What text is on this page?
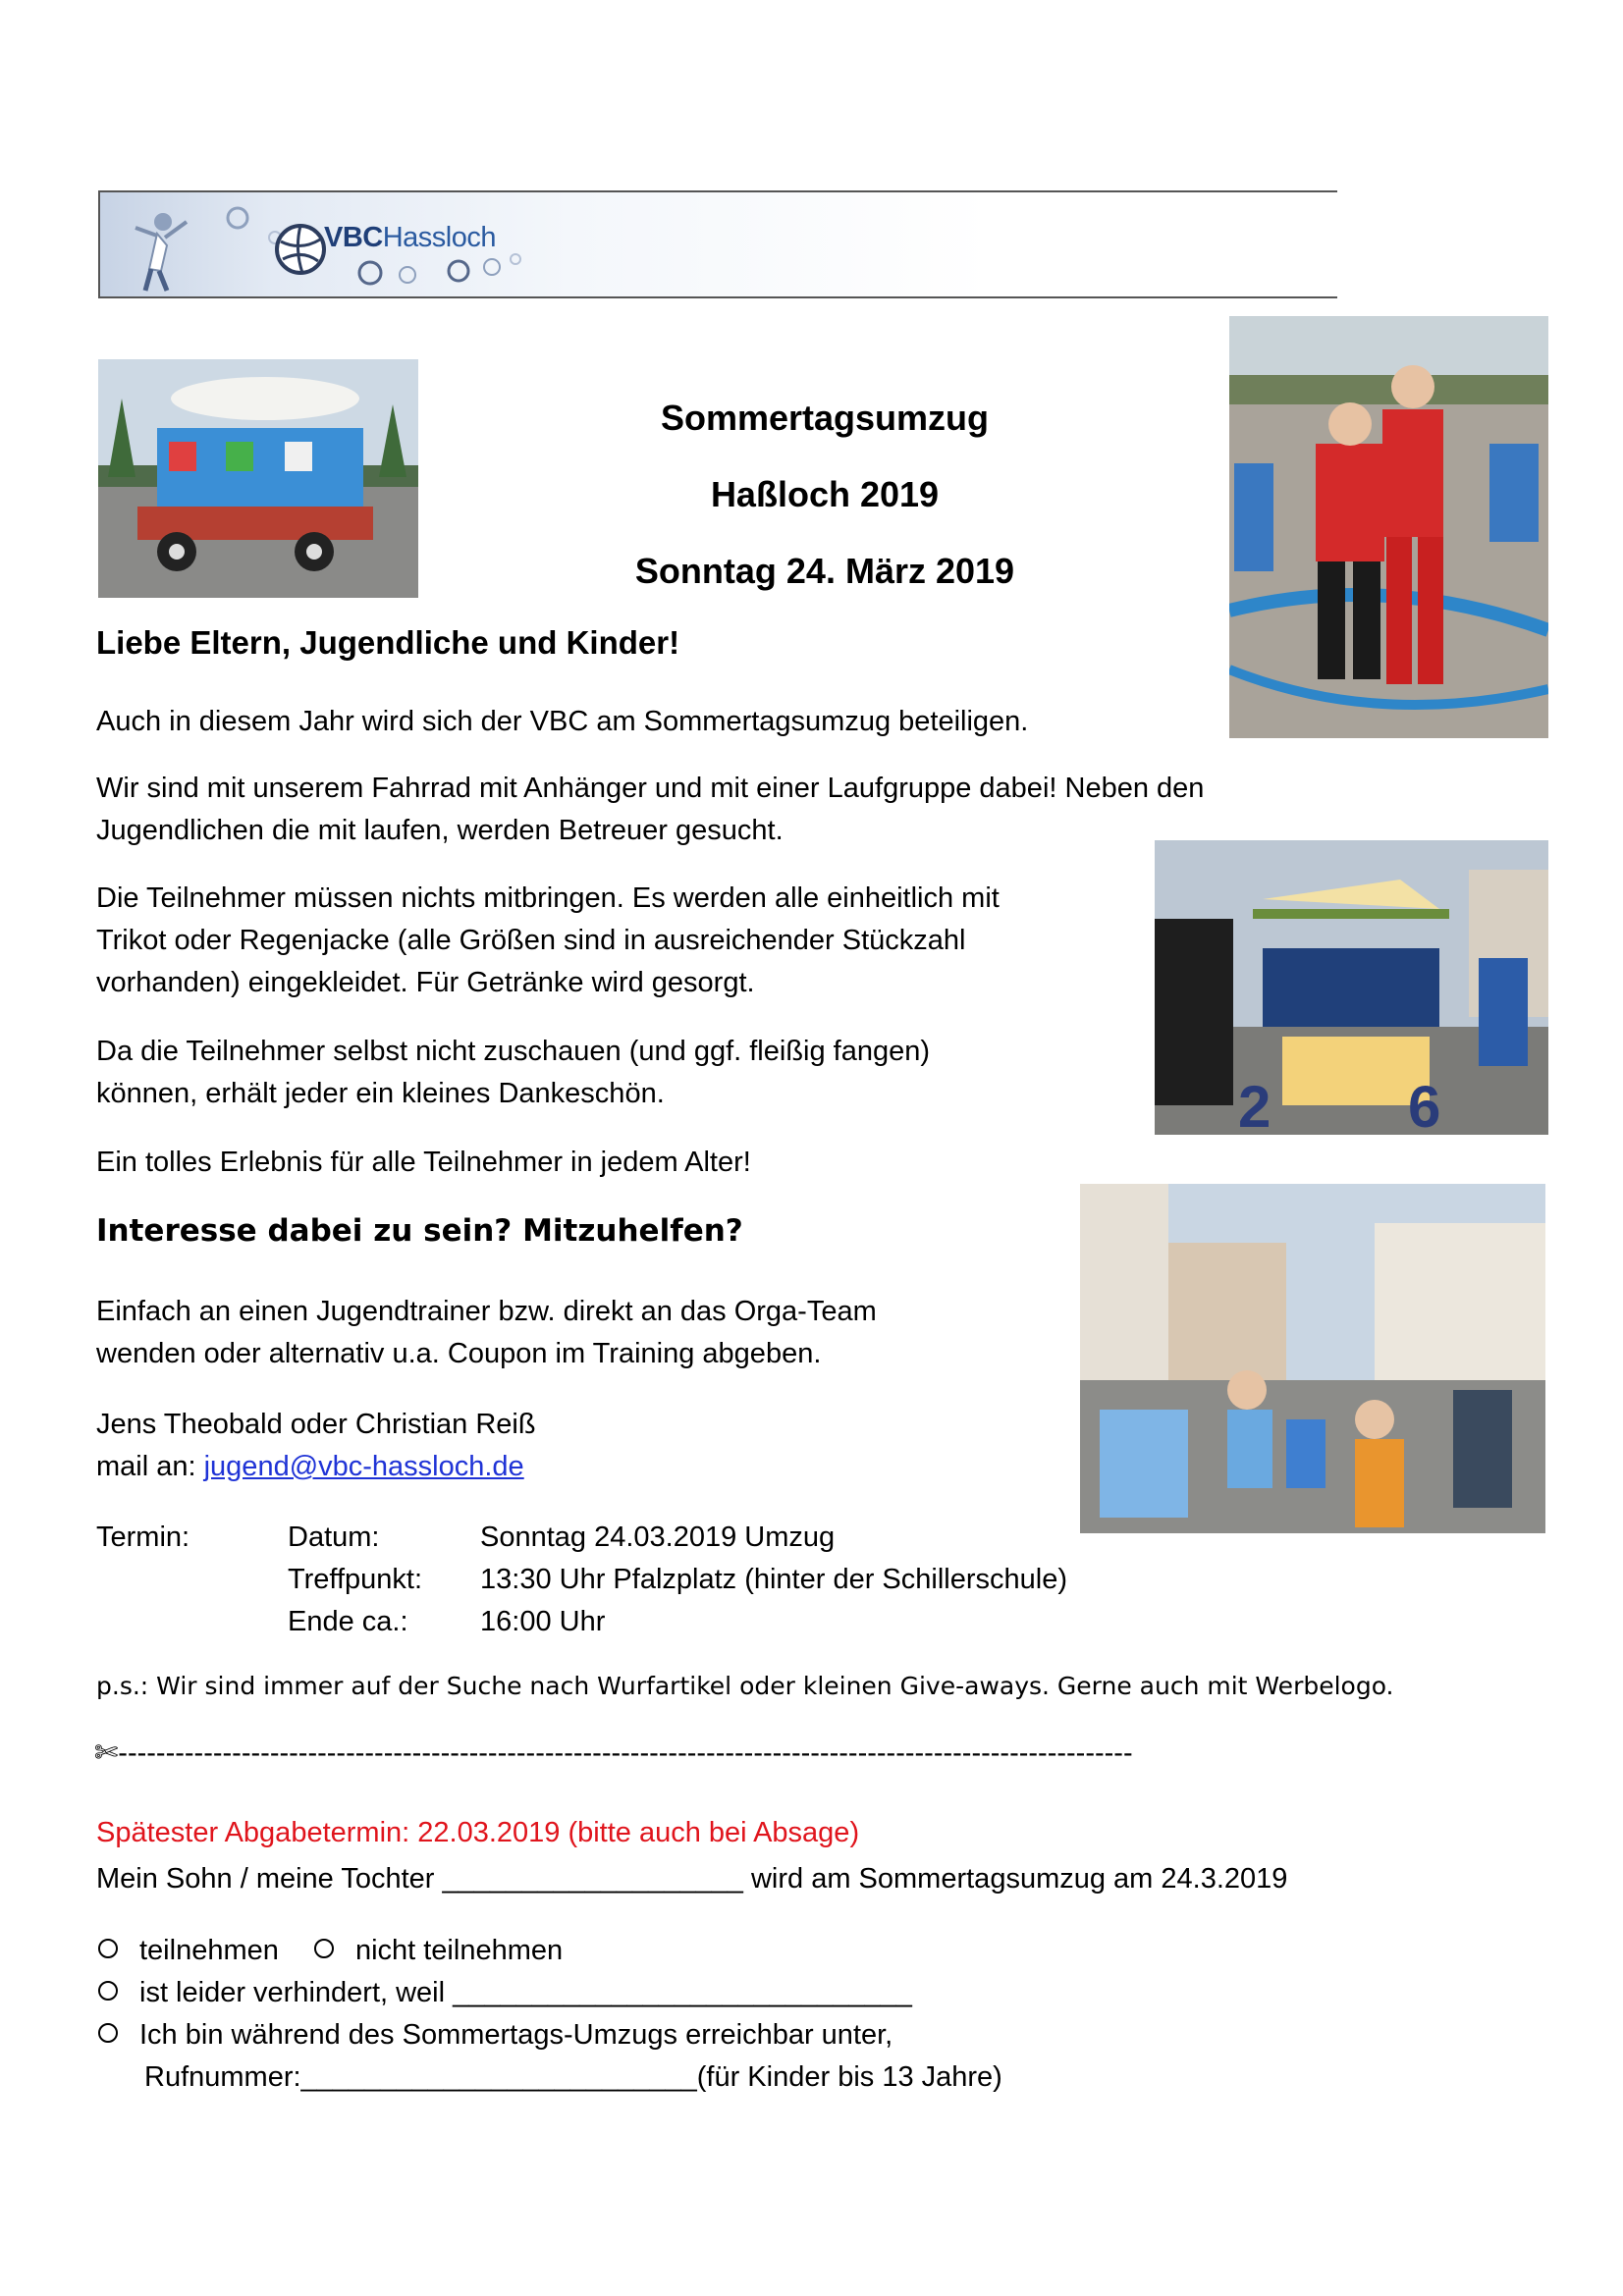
VBCHassloch
Sommertagsumzug
Haßloch 2019
Sonntag 24. März 2019
Liebe Eltern, Jugendliche und Kinder!
Auch in diesem Jahr wird sich der VBC am Sommertagsumzug beteiligen.
Wir sind mit unserem Fahrrad mit Anhänger und mit einer Laufgruppe dabei! Neben den
Jugendlichen die mit laufen, werden Betreuer gesucht.
Die Teilnehmer müssen nichts mitbringen. Es werden alle einheitlich mit
Trikot oder Regenjacke (alle Größen sind in ausreichender Stückzahl
vorhanden) eingekleidet. Für Getränke wird gesorgt.
Da die Teilnehmer selbst nicht zuschauen (und ggf. fleißig fangen)
können, erhält jeder ein kleines Dankeschön.
Ein tolles Erlebnis für alle Teilnehmer in jedem Alter!
2 6
Interesse dabei zu sein? Mitzuhelfen?
Einfach an einen Jugendtrainer bzw. direkt an das Orga-Team
wenden oder alternativ u.a. Coupon im Training abgeben.
Jens Theobald oder Christian Reiß
mail an: jugend@vbc-hassloch.de
Termin:	Datum:
Treffpunkt:
Ende ca.:
Sonntag 24.03.2019 Umzug
13:30 Uhr Pfalzplatz (hinter der Schillerschule)
16:00 Uhr
p.s.: Wir sind immer auf der Suche nach Wurfartikel oder kleinen Give-aways. Gerne auch mit Werbelogo.
✄-----------------------------------------------------------------------------------------------------------
Spätester Abgabetermin: 22.03.2019 (bitte auch bei Absage)
Mein Sohn / meine Tochter ___________________ wird am Sommertagsumzug am 24.3.2019
teilnehmen	nicht teilnehmen
ist leider verhindert, weil _____________________________
Ich bin während des Sommertags-Umzugs erreichbar unter,
Rufnummer:_________________________(für Kinder bis 13 Jahre)
